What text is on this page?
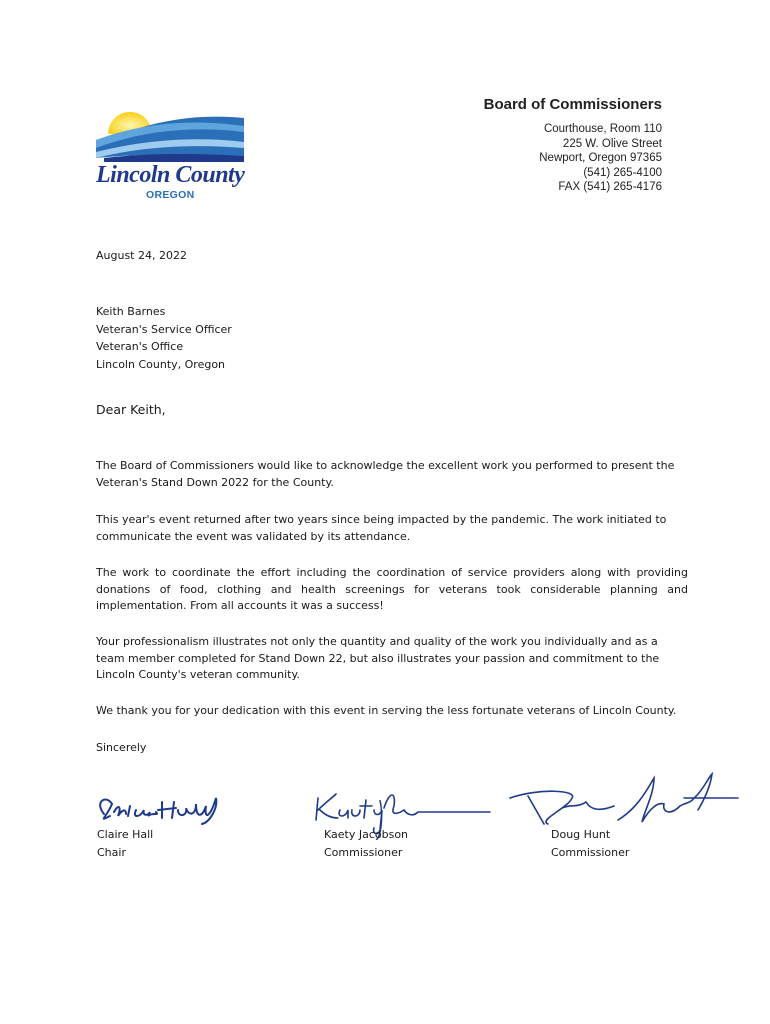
Lincoln County
OREGON
Board of Commissioners
Courthouse, Room 110
225 W. Olive Street
Newport, Oregon 97365
(541) 265-4100
FAX (541) 265-4176
August 24, 2022
Keith Barnes
Veteran's Service Officer
Veteran's Office
Lincoln County, Oregon
Dear Keith,
The Board of Commissioners would like to acknowledge the excellent work you performed to present the Veteran's Stand Down 2022 for the County.
This year's event returned after two years since being impacted by the pandemic. The work initiated to communicate the event was validated by its attendance.
The work to coordinate the effort including the coordination of service providers along with providing donations of food, clothing and health screenings for veterans took considerable planning and implementation. From all accounts it was a success!
Your professionalism illustrates not only the quantity and quality of the work you individually and as a team member completed for Stand Down 22, but also illustrates your passion and commitment to the Lincoln County's veteran community.
We thank you for your dedication with this event in serving the less fortunate veterans of Lincoln County.
Sincerely
Claire Hall
Chair
Kaety Jacobson
Commissioner
Doug Hunt
Commissioner
